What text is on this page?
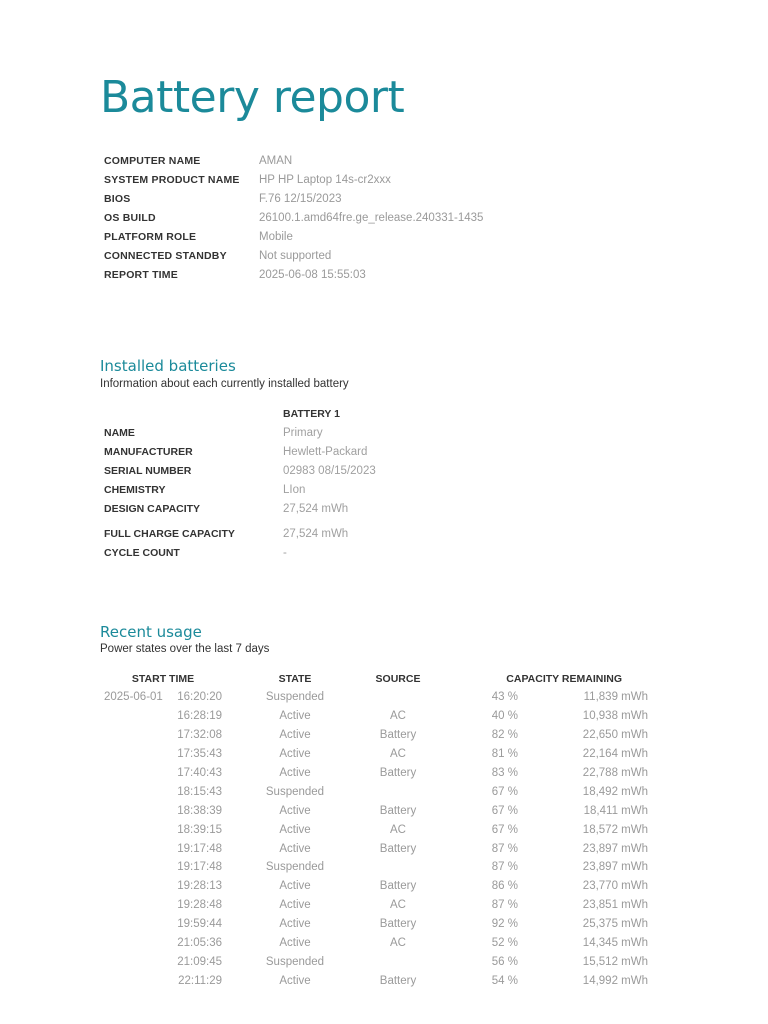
Battery report
COMPUTER NAME	AMAN
SYSTEM PRODUCT NAME	HP HP Laptop 14s-cr2xxx
BIOS	F.76 12/15/2023
OS BUILD	26100.1.amd64fre.ge_release.240331-1435
PLATFORM ROLE	Mobile
CONNECTED STANDBY	Not supported
REPORT TIME	2025-06-08 15:55:03
Installed batteries
Information about each currently installed battery
	BATTERY 1
NAME	Primary
MANUFACTURER	Hewlett-Packard
SERIAL NUMBER	02983 08/15/2023
CHEMISTRY	LIon
DESIGN CAPACITY	27,524 mWh

FULL CHARGE CAPACITY	27,524 mWh
CYCLE COUNT	-
Recent usage
Power states over the last 7 days
START TIME		STATE	SOURCE	CAPACITY REMAINING	
2025-06-01	16:20:20	Suspended		43 %	11,839 mWh
	16:28:19	Active	AC	40 %	10,938 mWh
	17:32:08	Active	Battery	82 %	22,650 mWh
	17:35:43	Active	AC	81 %	22,164 mWh
	17:40:43	Active	Battery	83 %	22,788 mWh
	18:15:43	Suspended		67 %	18,492 mWh
	18:38:39	Active	Battery	67 %	18,411 mWh
	18:39:15	Active	AC	67 %	18,572 mWh
	19:17:48	Active	Battery	87 %	23,897 mWh
	19:17:48	Suspended		87 %	23,897 mWh
	19:28:13	Active	Battery	86 %	23,770 mWh
	19:28:48	Active	AC	87 %	23,851 mWh
	19:59:44	Active	Battery	92 %	25,375 mWh
	21:05:36	Active	AC	52 %	14,345 mWh
	21:09:45	Suspended		56 %	15,512 mWh
	22:11:29	Active	Battery	54 %	14,992 mWh
